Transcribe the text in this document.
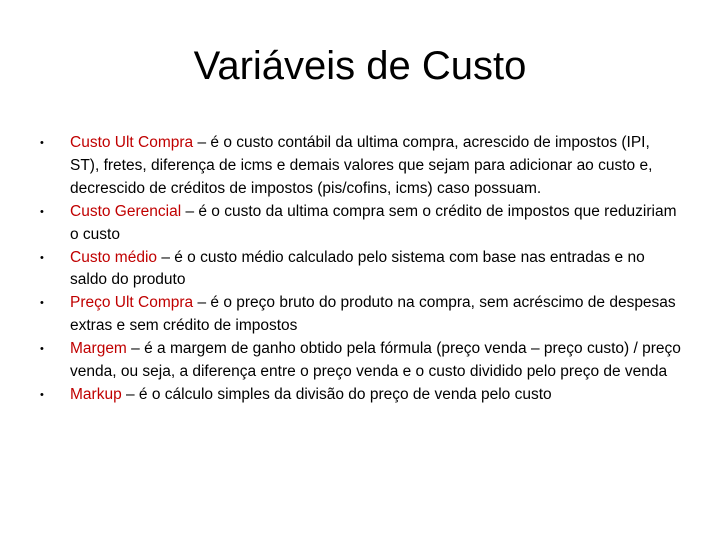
Variáveis de Custo
• Custo Ult Compra – é o custo contábil da ultima compra, acrescido de impostos (IPI, ST), fretes, diferença de icms e demais valores que sejam para adicionar ao custo e, decrescido de créditos de impostos (pis/cofins, icms) caso possuam.
• Custo Gerencial – é o custo da ultima compra sem o crédito de impostos que reduziriam o custo
• Custo médio – é o custo médio calculado pelo sistema com base nas entradas e no saldo do produto
• Preço Ult Compra – é o preço bruto do produto na compra, sem acréscimo de despesas extras e sem crédito de impostos
• Margem – é a margem de ganho obtido pela fórmula (preço venda – preço custo) / preço venda, ou seja, a diferença entre o preço venda e o custo dividido pelo preço de venda
• Markup – é o cálculo simples da divisão do preço de venda pelo custo
